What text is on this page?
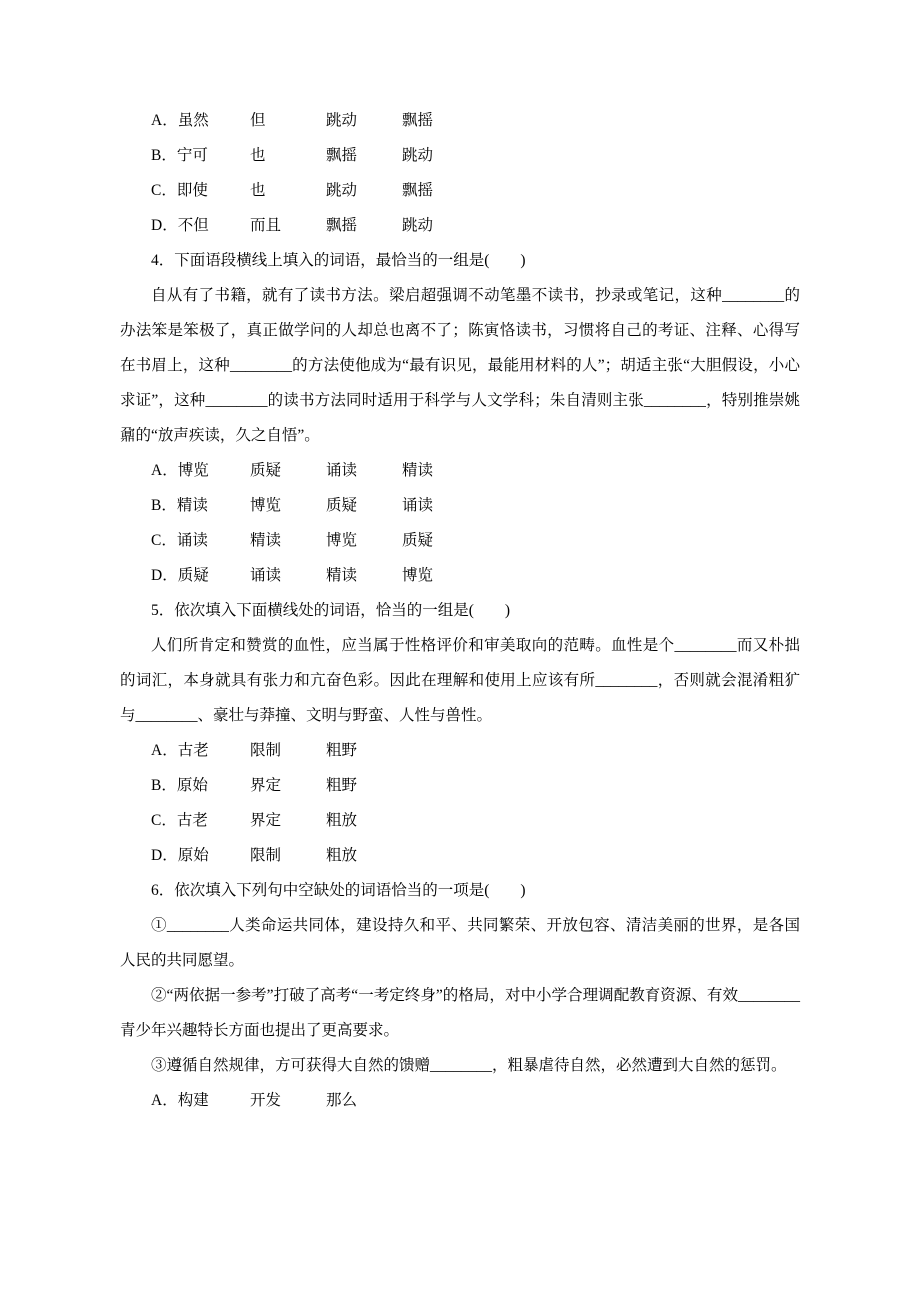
A．虽然	但	跳动	飘摇

B．宁可	也	飘摇	跳动

C．即使	也	跳动	飘摇

D．不但	而且	飘摇	跳动

4．下面语段横线上填入的词语，最恰当的一组是(　　)

自从有了书籍，就有了读书方法。梁启超强调不动笔墨不读书，抄录或笔记，这种________的办法笨是笨极了，真正做学问的人却总也离不了；陈寅恪读书，习惯将自己的考证、注释、心得写在书眉上，这种________的方法使他成为“最有识见，最能用材料的人”；胡适主张“大胆假设，小心求证”，这种________的读书方法同时适用于科学与人文学科；朱自清则主张________，特别推崇姚鼐的“放声疾读，久之自悟”。

A．博览	质疑	诵读	精读

B．精读	博览	质疑	诵读

C．诵读	精读	博览	质疑

D．质疑	诵读	精读	博览

5．依次填入下面横线处的词语，恰当的一组是(　　)

人们所肯定和赞赏的血性，应当属于性格评价和审美取向的范畴。血性是个________而又朴拙的词汇，本身就具有张力和亢奋色彩。因此在理解和使用上应该有所________，否则就会混淆粗犷与________、豪壮与莽撞、文明与野蛮、人性与兽性。

A．古老	限制	粗野

B．原始	界定	粗野

C．古老	界定	粗放

D．原始	限制	粗放

6．依次填入下列句中空缺处的词语恰当的一项是(　　)

①________人类命运共同体，建设持久和平、共同繁荣、开放包容、清洁美丽的世界，是各国人民的共同愿望。

②“两依据一参考”打破了高考“一考定终身”的格局，对中小学合理调配教育资源、有效________青少年兴趣特长方面也提出了更高要求。

③遵循自然规律，方可获得大自然的馈赠________，粗暴虐待自然，必然遭到大自然的惩罚。

A．构建	开发	那么
